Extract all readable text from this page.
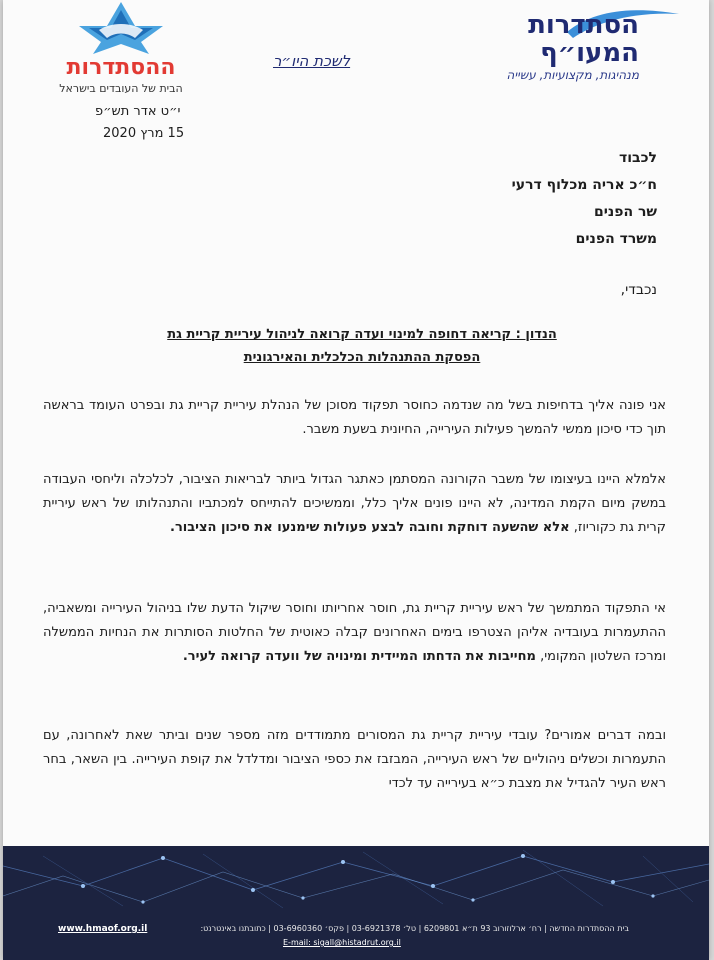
הסתדרות
המעו״ף
מנהיגות, מקצועיות, עשייה
ההסתדרות
הבית של העובדים בישראל
לשכת היו״ר
י״ט אדר תש״פ
15 מרץ 2020
לכבוד
ח״כ אריה מכלוף דרעי
שר הפנים
משרד הפנים
נכבדי,
הנדון : קריאה דחופה למינוי ועדה קרואה לניהול עיריית קריית גת
הפסקת ההתנהלות הכלכלית והאירגונית

אני פונה אליך בדחיפות בשל מה שנדמה כחוסר תפקוד מסוכן של הנהלת עיריית קריית גת ובפרט העומד בראשה תוך כדי סיכון ממשי להמשך פעילות העירייה, החיונית בשעת משבר.

אלמלא היינו בעיצומו של משבר הקורונה המסתמן כאתגר הגדול ביותר לבריאות הציבור, לכלכלה וליחסי העבודה במשק מיום הקמת המדינה, לא היינו פונים אליך כלל, וממשיכים להתייחס למכתביו והתנהלותו של ראש עיריית קרית גת כקוריוז, אלא שהשעה דוחקת וחובה לבצע פעולות שימנעו את סיכון הציבור.

אי התפקוד המתמשך של ראש עיריית קריית גת, חוסר אחריותו וחוסר שיקול הדעת שלו בניהול העירייה ומשאביה, ההתעמרות בעובדיה אליהן הצטרפו בימים האחרונים קבלה כאוטית של החלטות הסותרות את הנחיות הממשלה ומרכז השלטון המקומי, מחייבות את הדחתו המיידית ומינויה של וועדה קרואה לעיר.

ובמה דברים אמורים? עובדי עיריית קריית גת המסורים מתמודדים מזה מספר שנים וביתר שאת לאחרונה, עם התעמרות וכשלים ניהוליים של ראש העירייה, המבזבז את כספי הציבור ומדלדל את קופת העירייה. בין השאר, בחר ראש העיר להגדיל את מצבת כ״א בעירייה עד לכדי

בית ההסתדרות החדשה | רח׳ ארלוזורוב 93 ת״א 6209801 | טל׳ 03-6921378 | פקס׳ 03-6960360 | כתובתנו באינטרנט:
E-mail: sigall@histadrut.org.il
www.hmaof.org.il
